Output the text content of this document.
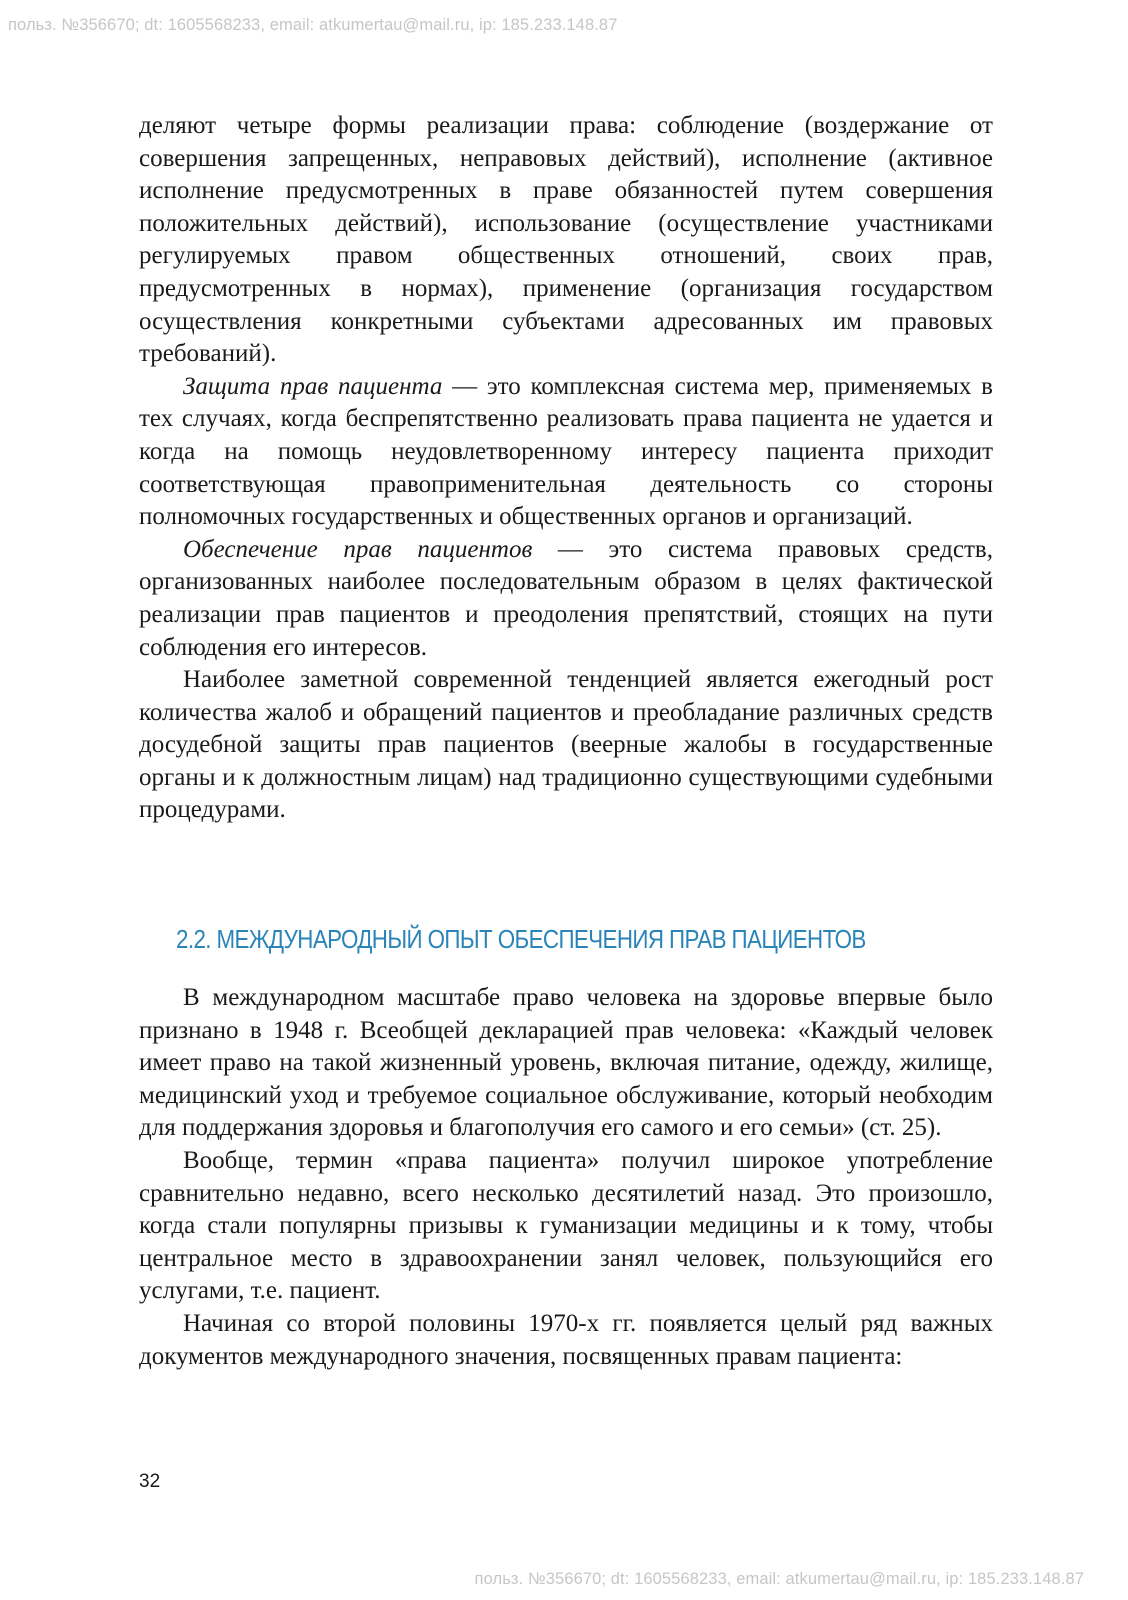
польз. №356670; dt: 1605568233, email: atkumertau@mail.ru, ip: 185.233.148.87

деляют четыре формы реализации права: соблюдение (воздержание от совершения запрещенных, неправовых действий), исполнение (активное исполнение предусмотренных в праве обязанностей путем совершения положительных действий), использование (осуществление участниками регулируемых правом общественных отношений, своих прав, предусмотренных в нормах), применение (организация государством осуществления конкретными субъектами адресованных им правовых требований).

Защита прав пациента — это комплексная система мер, применяемых в тех случаях, когда беспрепятственно реализовать права пациента не удается и когда на помощь неудовлетворенному интересу пациента приходит соответствующая правоприменительная деятельность со стороны полномочных государственных и общественных органов и организаций.

Обеспечение прав пациентов — это система правовых средств, организованных наиболее последовательным образом в целях фактической реализации прав пациентов и преодоления препятствий, стоящих на пути соблюдения его интересов.

Наиболее заметной современной тенденцией является ежегодный рост количества жалоб и обращений пациентов и преобладание различных средств досудебной защиты прав пациентов (веерные жалобы в государственные органы и к должностным лицам) над традиционно существующими судебными процедурами.

2.2. МЕЖДУНАРОДНЫЙ ОПЫТ ОБЕСПЕЧЕНИЯ ПРАВ ПАЦИЕНТОВ

В международном масштабе право человека на здоровье впервые было признано в 1948 г. Всеобщей декларацией прав человека: «Каждый человек имеет право на такой жизненный уровень, включая питание, одежду, жилище, медицинский уход и требуемое социальное обслуживание, который необходим для поддержания здоровья и благополучия его самого и его семьи» (ст. 25).

Вообще, термин «права пациента» получил широкое употребление сравнительно недавно, всего несколько десятилетий назад. Это произошло, когда стали популярны призывы к гуманизации медицины и к тому, чтобы центральное место в здравоохранении занял человек, пользующийся его услугами, т.е. пациент.

Начиная со второй половины 1970-х гг. появляется целый ряд важных документов международного значения, посвященных правам пациента:

32
польз. №356670; dt: 1605568233, email: atkumertau@mail.ru, ip: 185.233.148.87
